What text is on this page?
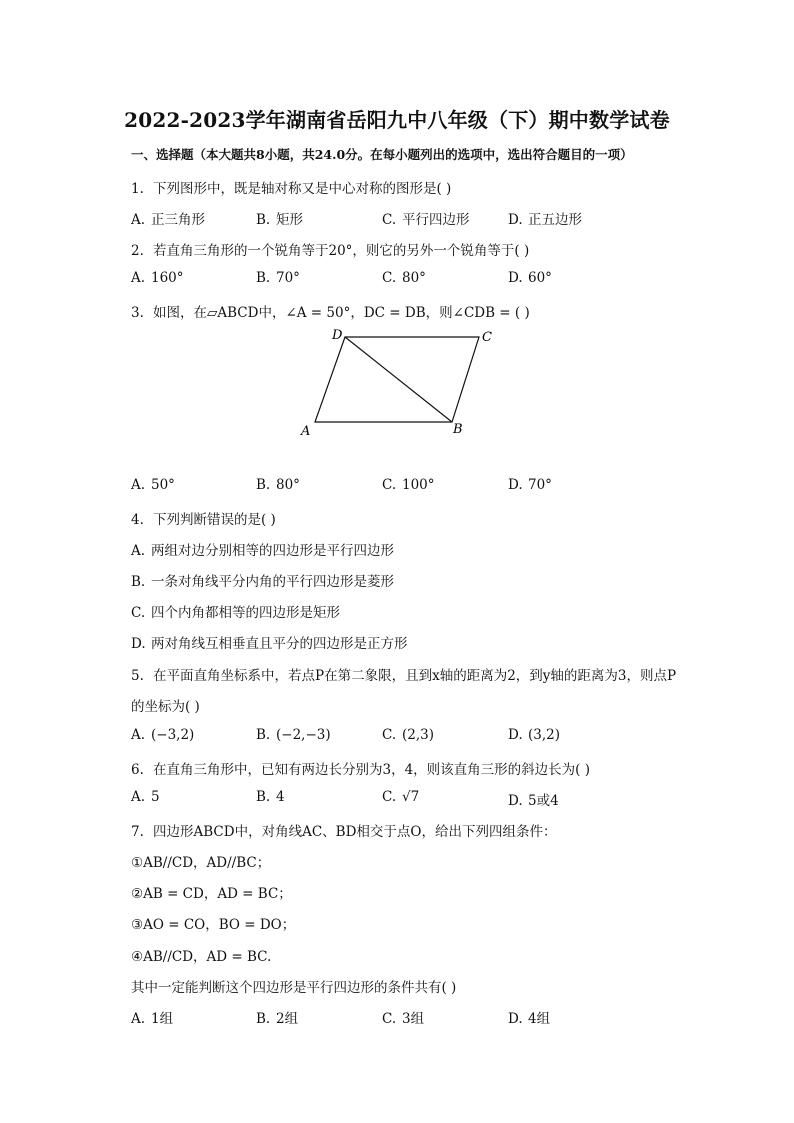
2022-2023学年湖南省岳阳九中八年级（下）期中数学试卷
一、选择题（本大题共8小题，共24.0分。在每小题列出的选项中，选出符合题目的一项）
1. 下列图形中，既是轴对称又是中心对称的图形是( )
A. 正三角形	B. 矩形	C. 平行四边形	D. 正五边形
2. 若直角三角形的一个锐角等于20°，则它的另外一个锐角等于( )
A. 160°	B. 70°	C. 80°	D. 60°
3. 如图，在▱ABCD中，∠A = 50°，DC = DB，则∠CDB = ( )
D	C
A	B
A. 50°	B. 80°	C. 100°	D. 70°
4. 下列判断错误的是( )
A. 两组对边分别相等的四边形是平行四边形
B. 一条对角线平分内角的平行四边形是菱形
C. 四个内角都相等的四边形是矩形
D. 两对角线互相垂直且平分的四边形是正方形
5. 在平面直角坐标系中，若点P在第二象限，且到x轴的距离为2，到y轴的距离为3，则点P
的坐标为( )
A. (−3,2)	B. (−2,−3)	C. (2,3)	D. (3,2)
6. 在直角三角形中，已知有两边长分别为3，4，则该直角三形的斜边长为( )
A. 5	B. 4	C. √7	D. 5或4
7. 四边形ABCD中，对角线AC、BD相交于点O，给出下列四组条件：
①AB//CD，AD//BC；
②AB = CD，AD = BC；
③AO = CO，BO = DO；
④AB//CD，AD = BC.
其中一定能判断这个四边形是平行四边形的条件共有( )
A. 1组	B. 2组	C. 3组	D. 4组
